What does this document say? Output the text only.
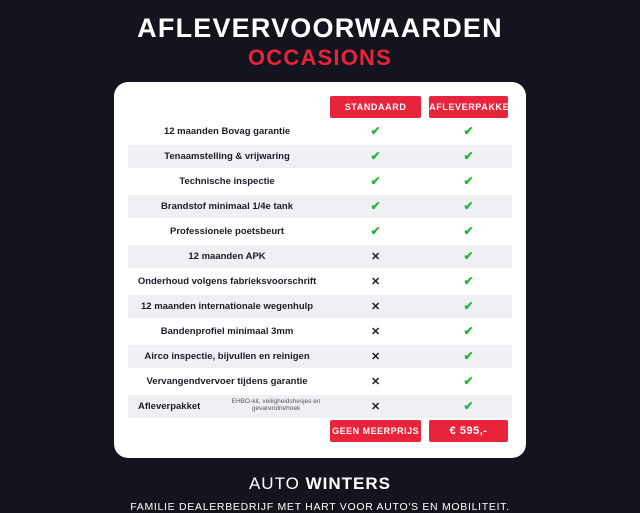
AFLEVERVOORWAARDEN
OCCASIONS

	STANDAARD	AFLEVERPAKKET

12 maanden Bovag garantie	✔	✔
Tenaamstelling & vrijwaring	✔	✔
Technische inspectie	✔	✔
Brandstof minimaal 1/4e tank	✔	✔
Professionele poetsbeurt	✔	✔
12 maanden APK	✕	✔
Onderhoud volgens fabrieksvoorschrift	✕	✔
12 maanden internationale wegenhulp	✕	✔
Bandenprofiel minimaal 3mm	✕	✔
Airco inspectie, bijvullen en reinigen	✕	✔
Vervangendvervoer tijdens garantie	✕	✔
Afleverpakket EHBO-kit, veiligheidshesjes en gevarendriehoek	✕	✔

	GEEN MEERPRIJS	€ 595,-
AUTO WINTERS
FAMILIE DEALERBEDRIJF MET HART VOOR AUTO'S EN MOBILITEIT.
